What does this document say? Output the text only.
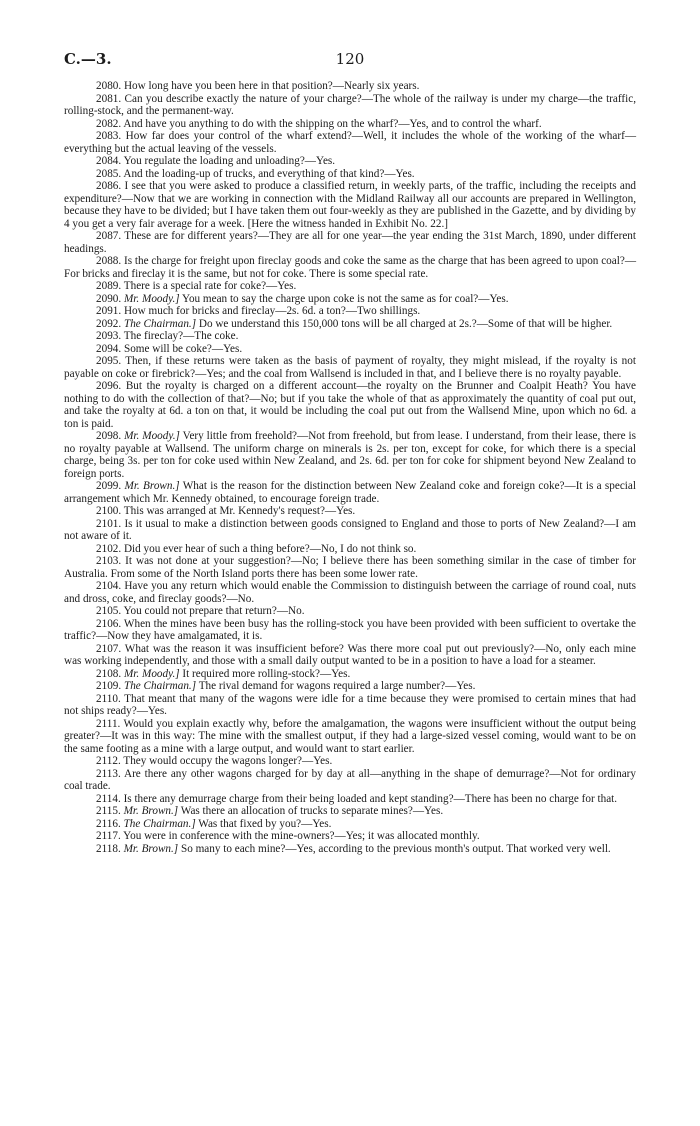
C.—3.	120

2080. How long have you been here in that position?—Nearly six years.

2081. Can you describe exactly the nature of your charge?—The whole of the railway is under my charge—the traffic, rolling-stock, and the permanent-way.

2082. And have you anything to do with the shipping on the wharf?—Yes, and to control the wharf.

2083. How far does your control of the wharf extend?—Well, it includes the whole of the working of the wharf—everything but the actual leaving of the vessels.

2084. You regulate the loading and unloading?—Yes.

2085. And the loading-up of trucks, and everything of that kind?—Yes.

2086. I see that you were asked to produce a classified return, in weekly parts, of the traffic, including the receipts and expenditure?—Now that we are working in connection with the Midland Railway all our accounts are prepared in Wellington, because they have to be divided; but I have taken them out four-weekly as they are published in the Gazette, and by dividing by 4 you get a very fair average for a week. [Here the witness handed in Exhibit No. 22.]

2087. These are for different years?—They are all for one year—the year ending the 31st March, 1890, under different headings.

2088. Is the charge for freight upon fireclay goods and coke the same as the charge that has been agreed to upon coal?—For bricks and fireclay it is the same, but not for coke. There is some special rate.

2089. There is a special rate for coke?—Yes.

2090. Mr. Moody.] You mean to say the charge upon coke is not the same as for coal?—Yes.

2091. How much for bricks and fireclay—2s. 6d. a ton?—Two shillings.

2092. The Chairman.] Do we understand this 150,000 tons will be all charged at 2s.?—Some of that will be higher.

2093. The fireclay?—The coke.

2094. Some will be coke?—Yes.

2095. Then, if these returns were taken as the basis of payment of royalty, they might mislead, if the royalty is not payable on coke or firebrick?—Yes; and the coal from Wallsend is included in that, and I believe there is no royalty payable.

2096. But the royalty is charged on a different account—the royalty on the Brunner and Coalpit Heath? You have nothing to do with the collection of that?—No; but if you take the whole of that as approximately the quantity of coal put out, and take the royalty at 6d. a ton on that, it would be including the coal put out from the Wallsend Mine, upon which no 6d. a ton is paid.

2098. Mr. Moody.] Very little from freehold?—Not from freehold, but from lease. I understand, from their lease, there is no royalty payable at Wallsend. The uniform charge on minerals is 2s. per ton, except for coke, for which there is a special charge, being 3s. per ton for coke used within New Zealand, and 2s. 6d. per ton for coke for shipment beyond New Zealand to foreign ports.

2099. Mr. Brown.] What is the reason for the distinction between New Zealand coke and foreign coke?—It is a special arrangement which Mr. Kennedy obtained, to encourage foreign trade.

2100. This was arranged at Mr. Kennedy's request?—Yes.

2101. Is it usual to make a distinction between goods consigned to England and those to ports of New Zealand?—I am not aware of it.

2102. Did you ever hear of such a thing before?—No, I do not think so.

2103. It was not done at your suggestion?—No; I believe there has been something similar in the case of timber for Australia. From some of the North Island ports there has been some lower rate.

2104. Have you any return which would enable the Commission to distinguish between the carriage of round coal, nuts and dross, coke, and fireclay goods?—No.

2105. You could not prepare that return?—No.

2106. When the mines have been busy has the rolling-stock you have been provided with been sufficient to overtake the traffic?—Now they have amalgamated, it is.

2107. What was the reason it was insufficient before? Was there more coal put out previously?—No, only each mine was working independently, and those with a small daily output wanted to be in a position to have a load for a steamer.

2108. Mr. Moody.] It required more rolling-stock?—Yes.

2109. The Chairman.] The rival demand for wagons required a large number?—Yes.

2110. That meant that many of the wagons were idle for a time because they were promised to certain mines that had not ships ready?—Yes.

2111. Would you explain exactly why, before the amalgamation, the wagons were insufficient without the output being greater?—It was in this way: The mine with the smallest output, if they had a large-sized vessel coming, would want to be on the same footing as a mine with a large output, and would want to start earlier.

2112. They would occupy the wagons longer?—Yes.

2113. Are there any other wagons charged for by day at all—anything in the shape of demurrage?—Not for ordinary coal trade.

2114. Is there any demurrage charge from their being loaded and kept standing?—There has been no charge for that.

2115. Mr. Brown.] Was there an allocation of trucks to separate mines?—Yes.

2116. The Chairman.] Was that fixed by you?—Yes.

2117. You were in conference with the mine-owners?—Yes; it was allocated monthly.

2118. Mr. Brown.] So many to each mine?—Yes, according to the previous month's output. That worked very well.
